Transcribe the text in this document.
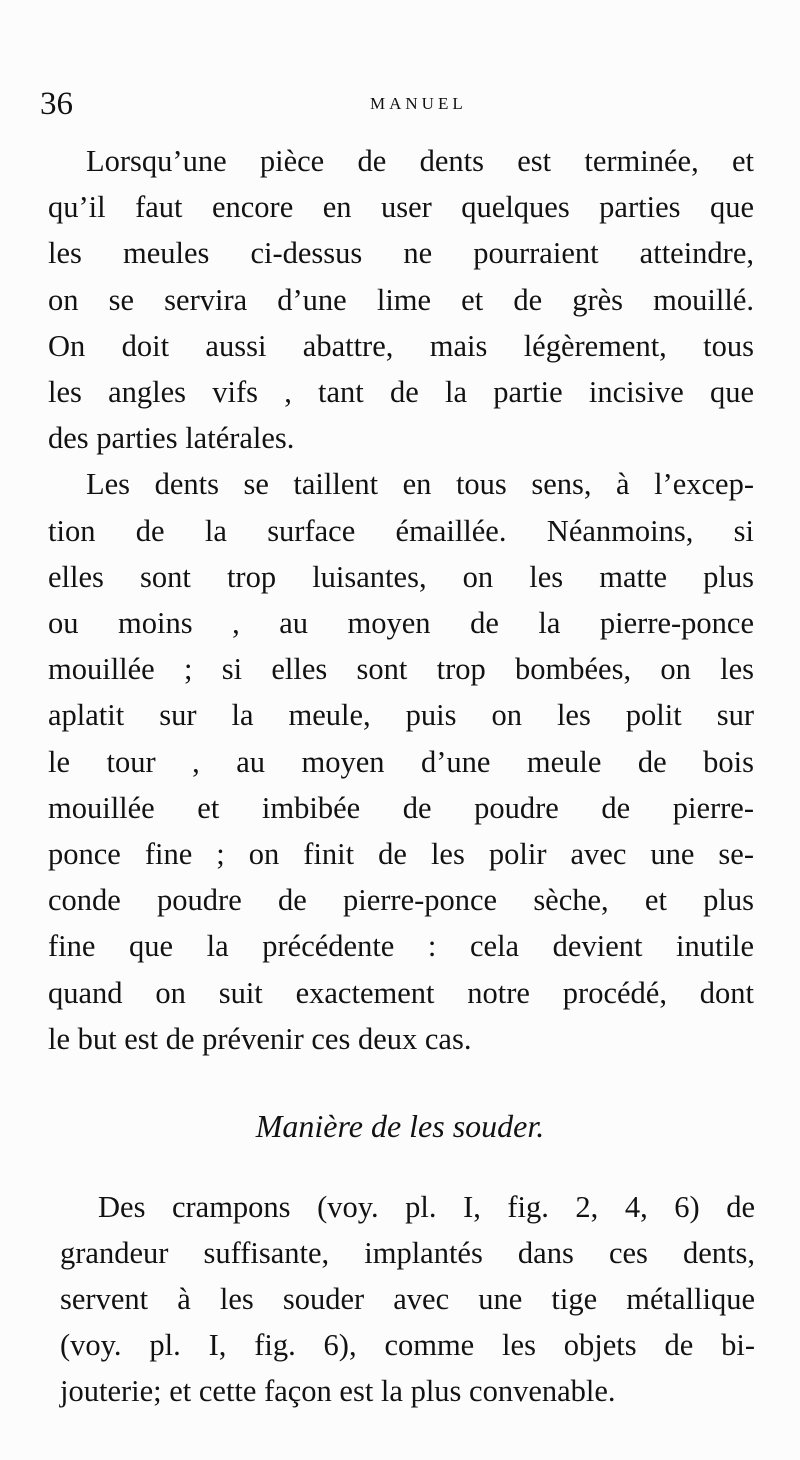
36	MANUEL
Lorsqu’une pièce de dents est terminée, et
qu’il faut encore en user quelques parties que
les meules ci-dessus ne pourraient atteindre,
on se servira d’une lime et de grès mouillé.
On doit aussi abattre, mais légèrement, tous
les angles vifs , tant de la partie incisive que
des parties latérales.
Les dents se taillent en tous sens, à l’excep-
tion de la surface émaillée. Néanmoins, si
elles sont trop luisantes, on les matte plus
ou moins , au moyen de la pierre-ponce
mouillée ; si elles sont trop bombées, on les
aplatit sur la meule, puis on les polit sur
le tour , au moyen d’une meule de bois
mouillée et imbibée de poudre de pierre-
ponce fine ; on finit de les polir avec une se-
conde poudre de pierre-ponce sèche, et plus
fine que la précédente : cela devient inutile
quand on suit exactement notre procédé, dont
le but est de prévenir ces deux cas.
Manière de les souder.
Des crampons (voy. pl. I, fig. 2, 4, 6) de
grandeur suffisante, implantés dans ces dents,
servent à les souder avec une tige métallique
(voy. pl. I, fig. 6), comme les objets de bi-
jouterie; et cette façon est la plus convenable.
